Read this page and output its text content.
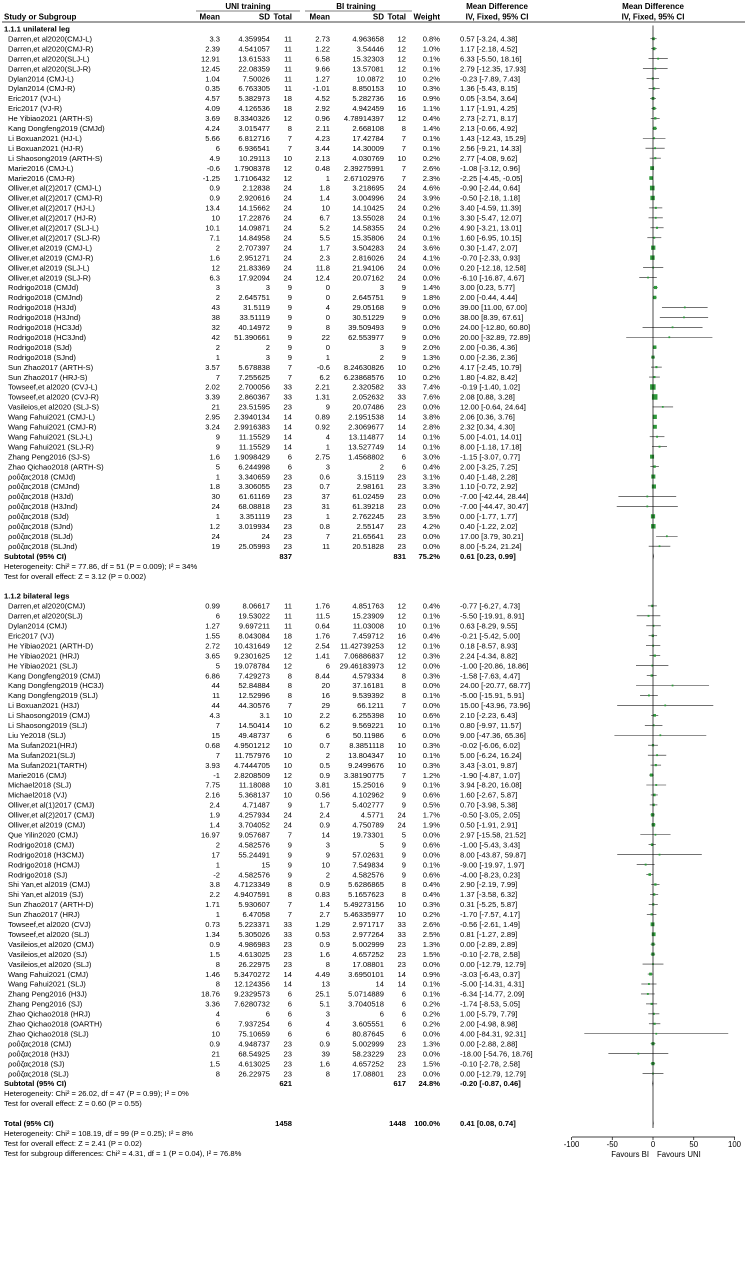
UNI training	BI training	Mean Difference	Mean Difference
Study or Subgroup	Mean	SD Total Mean	SD Total Weight	IV, Fixed, 95% CI	IV, Fixed, 95% CI
1.1.1 unilateral leg
Darren,et al2020(CMJ-L)	3.3 4.359954 11	2.73	4.963658 12 0.8%	0.57 [-3.24, 4.38]
Darren,et al2020(CMJ-R)	2.39 4.541057 11	1.22	3.54446 12 1.0%	1.17 [-2.18, 4.52]
Darren,et al2020(SLJ-L)	12.91 13.61533 11	6.58	15.32303 12 0.1%	6.33 [-5.50, 18.16]
Darren,et al2020(SLJ-R)	12.45 22.08359 11	9.66	13.57081 12 0.1%	2.79 [-12.35, 17.93]
Dylan2014 (CMJ-L)	1.04	7.50026 11	1.27	10.0872 10 0.2%	-0.23 [-7.89, 7.43]
Dylan2014 (CMJ-R)	0.35 6.763305 11	-1.01	8.850153 10 0.3%	1.36 [-5.43, 8.15]
Eric2017 (VJ-L)	4.57 5.382973 18	4.52	5.282736 16 0.9%	0.05 [-3.54, 3.64]
Eric2017 (VJ-R)	4.09 4.126536 18	2.92	4.942459 16 1.1%	1.17 [-1.91, 4.25]
He Yibiao2021 (ARTH-S)	3.69 8.3340326 12	0.96 4.78914397 12 0.4%	2.73 [-2.71, 8.17]
Kang Dongfeng2019 (CMJd)	4.24 3.015477 8	2.11	2.668108 8 1.4%	2.13 [-0.66, 4.92]
Li Boxuan2021 (HJ-L)	5.66 6.812716 7	4.23	17.42784 7 0.1%	1.43 [-12.43, 15.29]
Li Boxuan2021 (HJ-R)	6 6.936541 7	3.44	14.30009 7 0.1%	2.56 [-9.21, 14.33]
Li Shaosong2019 (ARTH-S)	4.9 10.29113 10	2.13	4.030769 10 0.2%	2.77 [-4.08, 9.62]
Marie2016 (CMJ-L)	-0.6 1.7908378 12	0.48 2.39275991 7 2.6%	-1.08 [-3.12, 0.96]
Marie2016 (CMJ-R)	-1.25 1.7106432 12	1 2.67102976 7 2.3%	-2.25 [-4.45, -0.05]
Olliver,et al(2)2017 (CMJ-L)	0.9	2.12838 24	1.8	3.218695 24 4.6%	-0.90 [-2.44, 0.64]
Olliver,et al(2)2017 (CMJ-R)	0.9 2.920616 24	1.4	3.004996 24 3.9%	-0.50 [-2.18, 1.18]
Olliver,et al(2)2017 (HJ-L)	13.4 14.15662 24	10	14.10425 24 0.2%	3.40 [-4.59, 11.39]
Olliver,et al(2)2017 (HJ-R)	10 17.22876 24	6.7	13.55028 24 0.1%	3.30 [-5.47, 12.07]
Olliver,et al(2)2017 (SLJ-L)	10.1 14.09871 24	5.2	14.58355 24 0.2%	4.90 [-3.21, 13.01]
Olliver,et al(2)2017 (SLJ-R)	7.1 14.84958 24	5.5	15.35806 24 0.1%	1.60 [-6.95, 10.15]
Olliver,et al2019 (CMJ-L)	2 2.707397 24	1.7	3.504283 24 3.6%	0.30 [-1.47, 2.07]
Olliver,et al2019 (CMJ-R)	1.6 2.951271 24	2.3	2.816026 24 4.1%	-0.70 [-2.33, 0.93]
Olliver,et al2019 (SLJ-L)	12 21.83369 24	11.8	21.94106 24 0.0%	0.20 [-12.18, 12.58]
Olliver,et al2019 (SLJ-R)	6.3 17.92094 24	12.4	20.07162 24 0.0%	-6.10 [-16.87, 4.67]
Rodrigo2018 (CMJd)	3	3 9	0	3 9 1.4%	3.00 [0.23, 5.77]
Rodrigo2018 (CMJnd)	2 2.645751 9	0	2.645751 9 1.8%	2.00 [-0.44, 4.44]
Rodrigo2018 (H3Jd)	43	31.5119 9	4	29.05168 9 0.0%	39.00 [11.00, 67.00]
Rodrigo2018 (H3Jnd)	38	33.51119 9	0	30.51229 9 0.0%	38.00 [8.39, 67.61]
Rodrigo2018 (HC3Jd)	32 40.14972 9	8 39.509493 9 0.0%	24.00 [-12.80, 60.80]
Rodrigo2018 (HC3Jnd)	42 51.390661 9	22 62.553977 9 0.0%	20.00 [-32.89, 72.89]
Rodrigo2018 (SJd)	2	2 9	0	3 9 2.0%	2.00 [-0.36, 4.36]
Rodrigo2018 (SJnd)	1	3 9	1	2 9 1.3%	0.00 [-2.36, 2.36]
Sun Zhao2017 (ARTH-S)	3.57 5.678838 7	-0.6 8.24630826 10 0.2%	4.17 [-2.45, 10.79]
Sun Zhao2017 (HRJ-S)	7 7.255625 7	6.2 6.23868576 10 0.2%	1.80 [-4.82, 8.42]
Towseef,et al2020 (CVJ-L)	2.02 2.700056 33	2.21	2.320582 33 7.4%	-0.19 [-1.40, 1.02]
Towseef,et al2020 (CVJ-R)	3.39 2.860367 33	1.31	2.052632 33 7.6%	2.08 [0.88, 3.28]
Vasileios,et al2020 (SLJ-S)	21 23.51595 23	9	20.07486 23 0.0%	12.00 [-0.64, 24.64]
Wang Fahui2021 (CMJ-L)	2.95 2.3940134 14	0.89 2.1951538 14 3.8%	2.06 [0.36, 3.76]
Wang Fahui2021 (CMJ-R)	3.24 2.9916383 14	0.92 2.3069677 14 2.8%	2.32 [0.34, 4.30]
Wang Fahui2021 (SLJ-L)	9 11.15529 14	4 13.114877 14 0.1%	5.00 [-4.01, 14.01]
Wang Fahui2021 (SLJ-R)	9 11.15529 14	1 13.527749 14 0.1%	8.00 [-1.18, 17.18]
Zhang Peng2016 (SJ-S)	1.6 1.9098429 6	2.75 1.4568802 6 3.0%	-1.15 [-3.07, 0.77]
Zhao Qichao2018 (ARTH-S)	5 6.244998 6	3	2 6 0.4%	2.00 [-3.25, 7.25]
ροΰζας2018 (CMJd)	1 3.340659 23	0.6	3.15119 23 3.1%	0.40 [-1.48, 2.28]
ροΰζας2018 (CMJnd)	1.8 3.306055 23	0.7	2.98161 23 3.3%	1.10 [-0.72, 2.92]
ροΰζας2018 (H3Jd)	30 61.61169 23	37	61.02459 23 0.0%	-7.00 [-42.44, 28.44]
ροΰζας2018 (H3Jnd)	24 68.08818 23	31	61.39218 23 0.0%	-7.00 [-44.47, 30.47]
ροΰζας2018 (SJd)	1	3.351119 23	1	2.762245 23 3.5%	0.00 [-1.77, 1.77]
ροΰζας2018 (SJnd)	1.2 3.019934 23	0.8	2.55147 23 4.2%	0.40 [-1.22, 2.02]
ροΰζας2018 (SLJd)	24	24 23	7	21.65641 23 0.0%	17.00 [3.79, 30.21]
ροΰζας2018 (SLJnd)	19 25.05993 23	11	20.51828 23 0.0%	8.00 [-5.24, 21.24]
Subtotal (95% CI)	837	831 75.2%	0.61 [0.23, 0.99]
Heterogeneity: Chi² = 77.86, df = 51 (P = 0.009); I² = 34%
Test for overall effect: Z = 3.12 (P = 0.002)
1.1.2 bilateral legs
Darren,et al2020(CMJ)	0.99	8.06617 11	1.76	4.851763 12 0.4%	-0.77 [-6.27, 4.73]
Darren,et al2020(SLJ)	6 19.53022 11	11.5	15.23909 12 0.1%	-5.50 [-19.91, 8.91]
Dylan2014 (CMJ)	1.27 9.697211 11	0.64	11.03008 10 0.1%	0.63 [-8.29, 9.55]
Eric2017 (VJ)	1.55 8.043084 18	1.76	7.459712 16 0.4%	-0.21 [-5.42, 5.00]
He Yibiao2021 (ARTH-D)	2.72 10.431649 12	2.54 11.42739253 12 0.1%	0.18 [-8.57, 8.93]
He Yibiao2021 (HRJ)	3.65 9.2301625 12	1.41 7.06886837 12 0.3%	2.24 [-4.34, 8.82]
He Yibiao2021 (SLJ)	5 19.078784 12	6 29.46183973 12 0.0%	-1.00 [-20.86, 18.86]
Kang Dongfeng2019 (CMJ)	6.86 7.429273 8	8.44	4.579334 8 0.3%	-1.58 [-7.63, 4.47]
Kang Dongfeng2019 (HC3J)	44 52.84884 8	20	37.16181 8 0.0%	24.00 [-20.77, 68.77]
Kang Dongfeng2019 (SLJ)	11 12.52996 8	16	9.539392 8 0.1%	-5.00 [-15.91, 5.91]
Li Boxuan2021 (H3J)	44 44.30576 7	29	66.1211 7 0.0%	15.00 [-43.96, 73.96]
Li Shaosong2019 (CMJ)	4.3	3.1 10	2.2	6.255398 10 0.6%	2.10 [-2.23, 6.43]
Li Shaosong2019 (SLJ)	7 14.50414 10	6.2	9.569221 10 0.1%	0.80 [-9.97, 11.57]
Liu Ye2018 (SLJ)	15 49.48737 6	6	50.11986 6 0.0%	9.00 [-47.36, 65.36]
Ma Sufan2021(HRJ)	0.68 4.9501212 10	0.7	8.3851118 10 0.3%	-0.02 [-6.06, 6.02]
Ma Sufan2021(SLJ)	7 11.757976 10	2 13.804347 10 0.1%	5.00 [-6.24, 16.24]
Ma Sufan2021(TARTH)	3.93 4.7444705 10	0.5 9.2499676 10 0.3%	3.43 [-3.01, 9.87]
Marie2016 (CMJ)	-1 2.8208509 12	0.9 3.38190775 7 1.2%	-1.90 [-4.87, 1.07]
Michael2018 (SLJ)	7.75 11.18088 10	3.81	15.25016 9 0.1%	3.94 [-8.20, 16.08]
Michael2018 (VJ)	2.16 5.368137 10	0.56	4.102962 9 0.6%	1.60 [-2.67, 5.87]
Olliver,et al(1)2017 (CMJ)	2.4	4.71487 9	1.7	5.402777 9 0.5%	0.70 [-3.98, 5.38]
Olliver,et al(2)2017 (CMJ)	1.9 4.257934 24	2.4	4.5771 24 1.7%	-0.50 [-3.05, 2.05]
Olliver,et al2019 (CMJ)	1.4 3.704052 24	0.9	4.750789 24 1.9%	0.50 [-1.91, 2.91]
Que Yilin2020 (CMJ)	16.97 9.057687 7	14	19.73301 5 0.0%	2.97 [-15.58, 21.52]
Rodrigo2018 (CMJ)	2 4.582576 9	3	5 9 0.6%	-1.00 [-5.43, 3.43]
Rodrigo2018 (H3CMJ)	17 55.24491 9	9	57.02631 9 0.0%	8.00 [-43.87, 59.87]
Rodrigo2018 (HCMJ)	1	15 9	10	7.549834 9 0.1%	-9.00 [-19.97, 1.97]
Rodrigo2018 (SJ)	-2 4.582576 9	2	4.582576 9 0.6%	-4.00 [-8.23, 0.23]
Shi Yan,et al2019 (CMJ)	3.8 4.7123349 8	0.9 5.6286865 8 0.4%	2.90 [-2.19, 7.99]
Shi Yan,et al2019 (SJ)	2.2 4.9407591 8	0.83 5.1657623 8 0.4%	1.37 [-3.58, 6.32]
Sun Zhao2017 (ARTH-D)	1.71 5.930607 7	1.4 5.49273156 10 0.3%	0.31 [-5.25, 5.87]
Sun Zhao2017 (HRJ)	1	6.47058 7	2.7 5.46335977 10 0.2%	-1.70 [-7.57, 4.17]
Towseef,et al2020 (CVJ)	0.73 5.223371 33	1.29	2.971717 33 2.6%	-0.56 [-2.61, 1.49]
Towseef,et al2020 (SLJ)	1.34 5.305026 33	0.53	2.977264 33 2.5%	0.81 [-1.27, 2.89]
Vasileios,et al2020 (CMJ)	0.9 4.986983 23	0.9	5.002999 23 1.3%	0.00 [-2.89, 2.89]
Vasileios,et al2020 (SJ)	1.5 4.613025 23	1.6	4.657252 23 1.5%	-0.10 [-2.78, 2.58]
Vasileios,et al2020 (SLJ)	8 26.22975 23	8	17.08801 23 0.0%	0.00 [-12.79, 12.79]
Wang Fahui2021 (CMJ)	1.46 5.3470272 14	4.49 3.6950101 14 0.9%	-3.03 [-6.43, 0.37]
Wang Fahui2021 (SLJ)	8 12.124356 14	13	14 14 0.1%	-5.00 [-14.31, 4.31]
Zhang Peng2016 (H3J)	18.76 9.2329573 6	25.1 5.0714889 6 0.1%	-6.34 [-14.77, 2.09]
Zhang Peng2016 (SJ)	3.36 7.6280732 6	5.1 3.7040518 6 0.2%	-1.74 [-8.53, 5.05]
Zhao Qichao2018 (HRJ)	4	6 6	3	6 6 0.2%	1.00 [-5.79, 7.79]
Zhao Qichao2018 (OARTH)	6 7.937254 6	4	3.605551 6 0.2%	2.00 [-4.98, 8.98]
Zhao Qichao2018 (SLJ)	10 75.10659 6	6	80.87645 6 0.0%	4.00 [-84.31, 92.31]
ροΰζας2018 (CMJ)	0.9 4.948737 23	0.9	5.002999 23 1.3%	0.00 [-2.88, 2.88]
ροΰζας2018 (H3J)	21 68.54925 23	39	58.23229 23 0.0%	-18.00 [-54.76, 18.76]
ροΰζας2018 (SJ)	1.5 4.613025 23	1.6	4.657252 23 1.5%	-0.10 [-2.78, 2.58]
ροΰζας2018 (SLJ)	8 26.22975 23	8	17.08801 23 0.0%	0.00 [-12.79, 12.79]
Subtotal (95% CI)	621	617 24.8%	-0.20 [-0.87, 0.46]
Heterogeneity: Chi² = 26.02, df = 47 (P = 0.99); I² = 0%
Test for overall effect: Z = 0.60 (P = 0.55)
Total (95% CI)	1458	1448 100.0%	0.41 [0.08, 0.74]
Heterogeneity: Chi² = 108.19, df = 99 (P = 0.25); I² = 8%
Test for overall effect: Z = 2.41 (P = 0.02)
Test for subgroup differences: Chi² = 4.31, df = 1 (P = 0.04), I² = 76.8%
-100	-50	0	50	100
Favours BI Favours UNI
